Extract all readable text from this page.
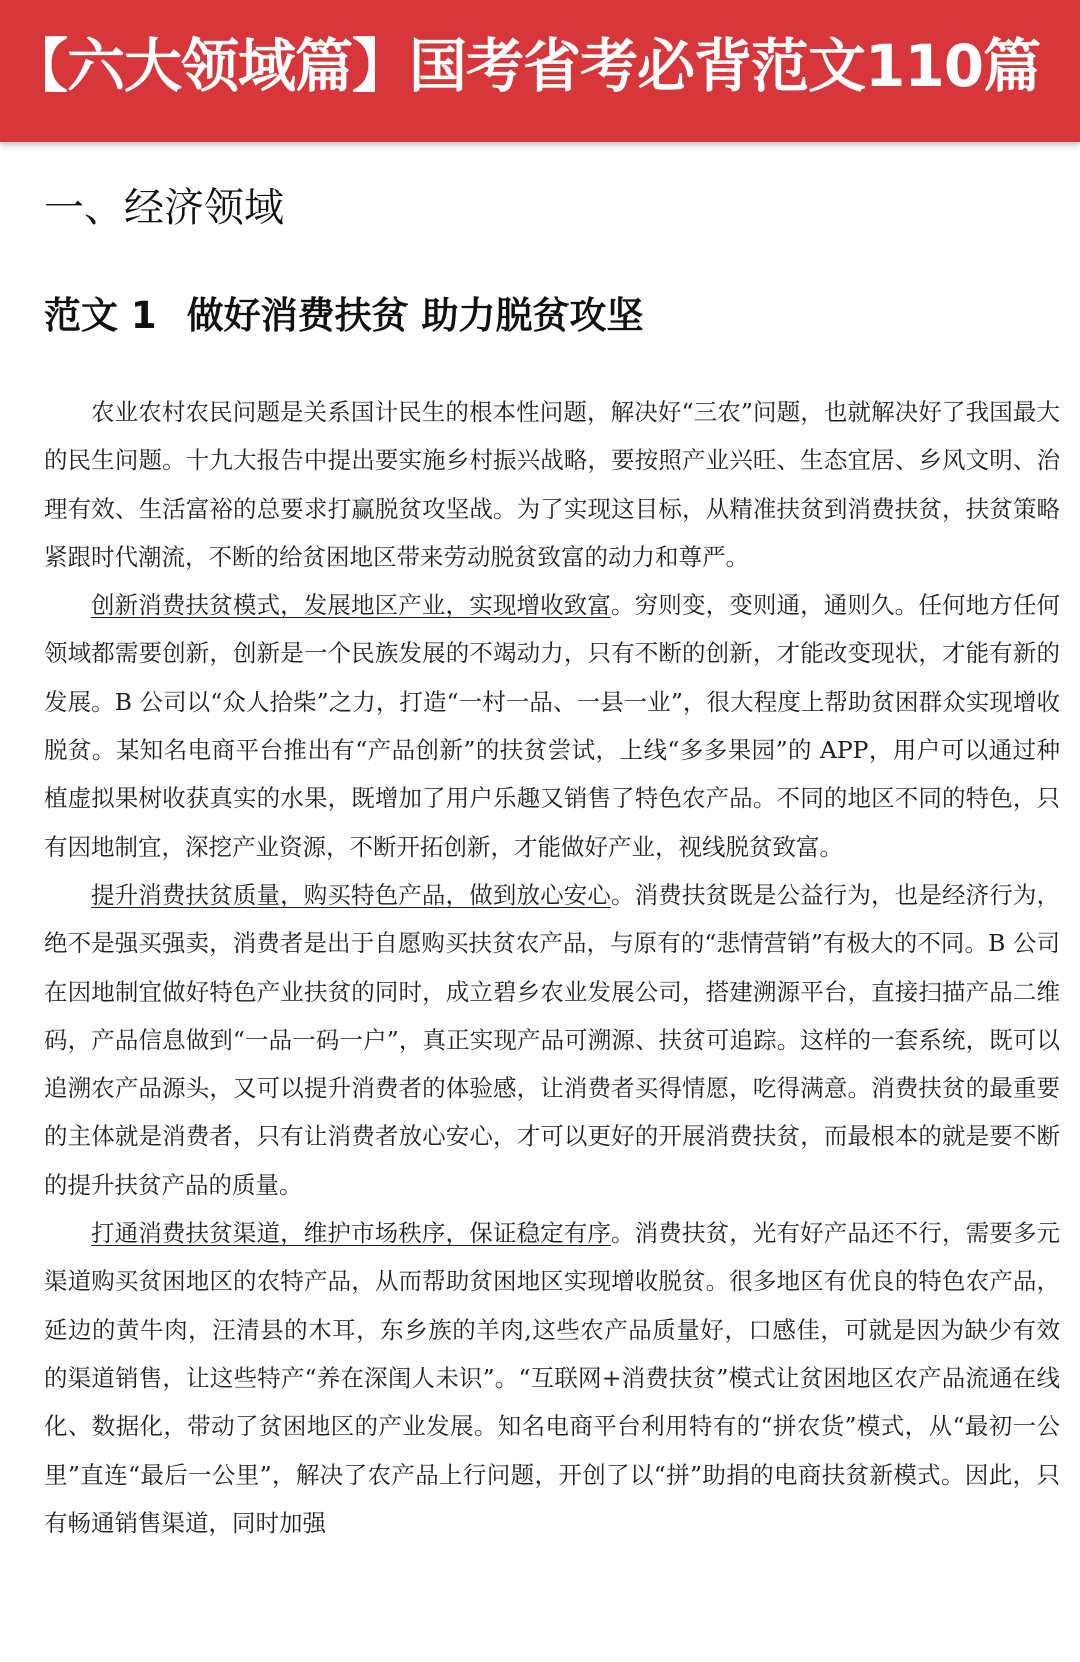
【六大领域篇】国考省考必背范文110篇
一、经济领域
范文 1 做好消费扶贫 助力脱贫攻坚

农业农村农民问题是关系国计民生的根本性问题，解决好“三农”问题，也就解决好了我国最大的民生问题。十九大报告中提出要实施乡村振兴战略，要按照产业兴旺、生态宜居、乡风文明、治理有效、生活富裕的总要求打赢脱贫攻坚战。为了实现这目标，从精准扶贫到消费扶贫，扶贫策略紧跟时代潮流，不断的给贫困地区带来劳动脱贫致富的动力和尊严。

创新消费扶贫模式，发展地区产业，实现增收致富。穷则变，变则通，通则久。任何地方任何领域都需要创新，创新是一个民族发展的不竭动力，只有不断的创新，才能改变现状，才能有新的发展。B 公司以“众人拾柴”之力，打造“一村一品、一县一业”，很大程度上帮助贫困群众实现增收脱贫。某知名电商平台推出有“产品创新”的扶贫尝试，上线“多多果园”的 APP，用户可以通过种植虚拟果树收获真实的水果，既增加了用户乐趣又销售了特色农产品。不同的地区不同的特色，只有因地制宜，深挖产业资源，不断开拓创新，才能做好产业，视线脱贫致富。

提升消费扶贫质量，购买特色产品，做到放心安心。消费扶贫既是公益行为，也是经济行为，绝不是强买强卖，消费者是出于自愿购买扶贫农产品，与原有的“悲情营销”有极大的不同。B 公司在因地制宜做好特色产业扶贫的同时，成立碧乡农业发展公司，搭建溯源平台，直接扫描产品二维码，产品信息做到“一品一码一户”，真正实现产品可溯源、扶贫可追踪。这样的一套系统，既可以追溯农产品源头，又可以提升消费者的体验感，让消费者买得情愿，吃得满意。消费扶贫的最重要的主体就是消费者，只有让消费者放心安心，才可以更好的开展消费扶贫，而最根本的就是要不断的提升扶贫产品的质量。

打通消费扶贫渠道，维护市场秩序，保证稳定有序。消费扶贫，光有好产品还不行，需要多元渠道购买贫困地区的农特产品，从而帮助贫困地区实现增收脱贫。很多地区有优良的特色农产品，延边的黄牛肉，汪清县的木耳，东乡族的羊肉,这些农产品质量好，口感佳，可就是因为缺少有效的渠道销售，让这些特产“养在深闺人未识”。“互联网+消费扶贫”模式让贫困地区农产品流通在线化、数据化，带动了贫困地区的产业发展。知名电商平台利用特有的“拼农货”模式，从“最初一公里”直连“最后一公里”，解决了农产品上行问题，开创了以“拼”助捐的电商扶贫新模式。因此，只有畅通销售渠道，同时加强
